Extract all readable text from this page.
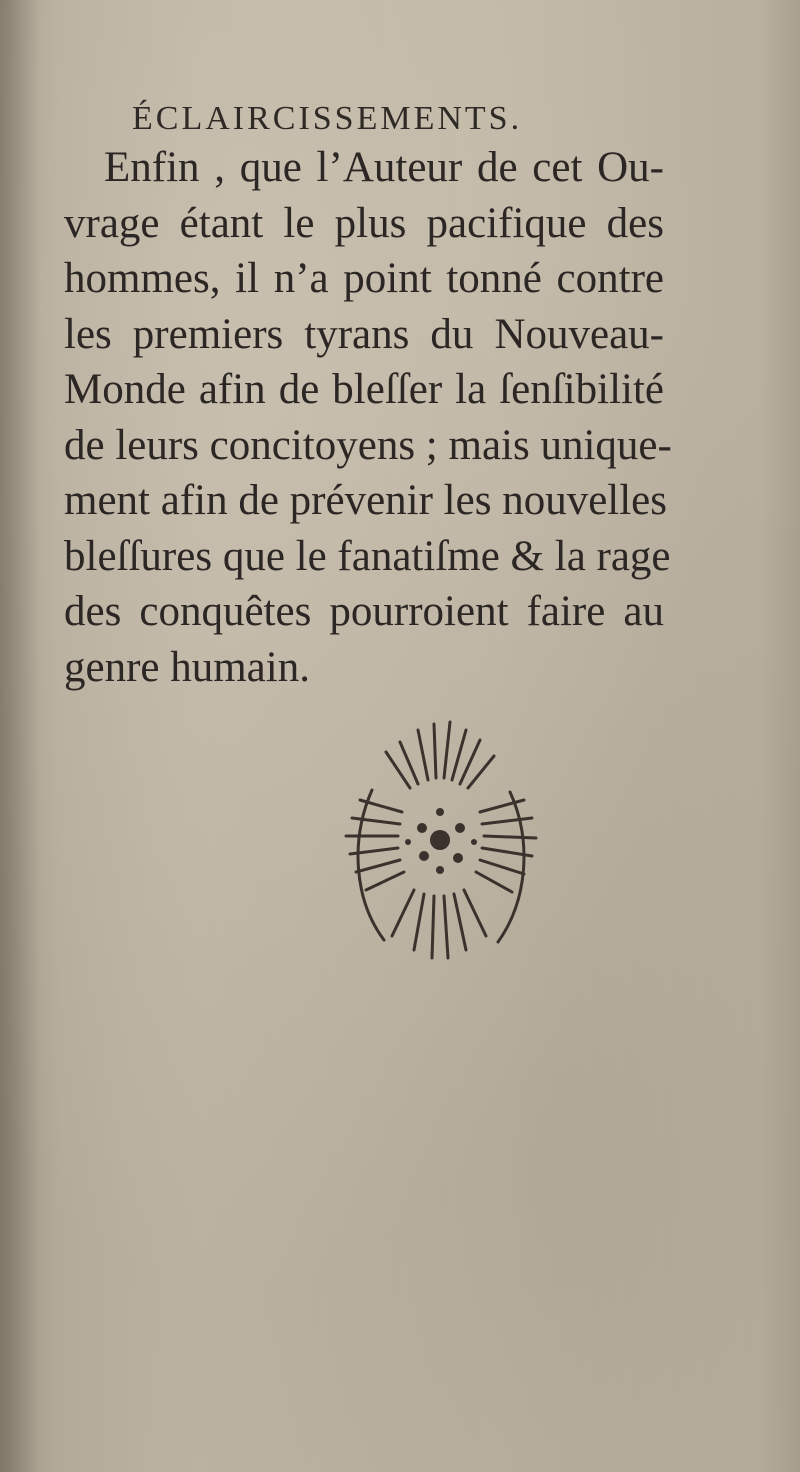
ÉCLAIRCISSEMENTS.
Enfin , que l’Auteur de cet Ou-
vrage étant le plus pacifique des
hommes, il n’a point tonné contre
les premiers tyrans du Nouveau-
Monde afin de bleſſer la ſenſibilité
de leurs concitoyens ; mais unique-
ment afin de prévenir les nouvelles
bleſſures que le fanatiſme & la rage
des conquêtes pourroient faire au
genre humain.
